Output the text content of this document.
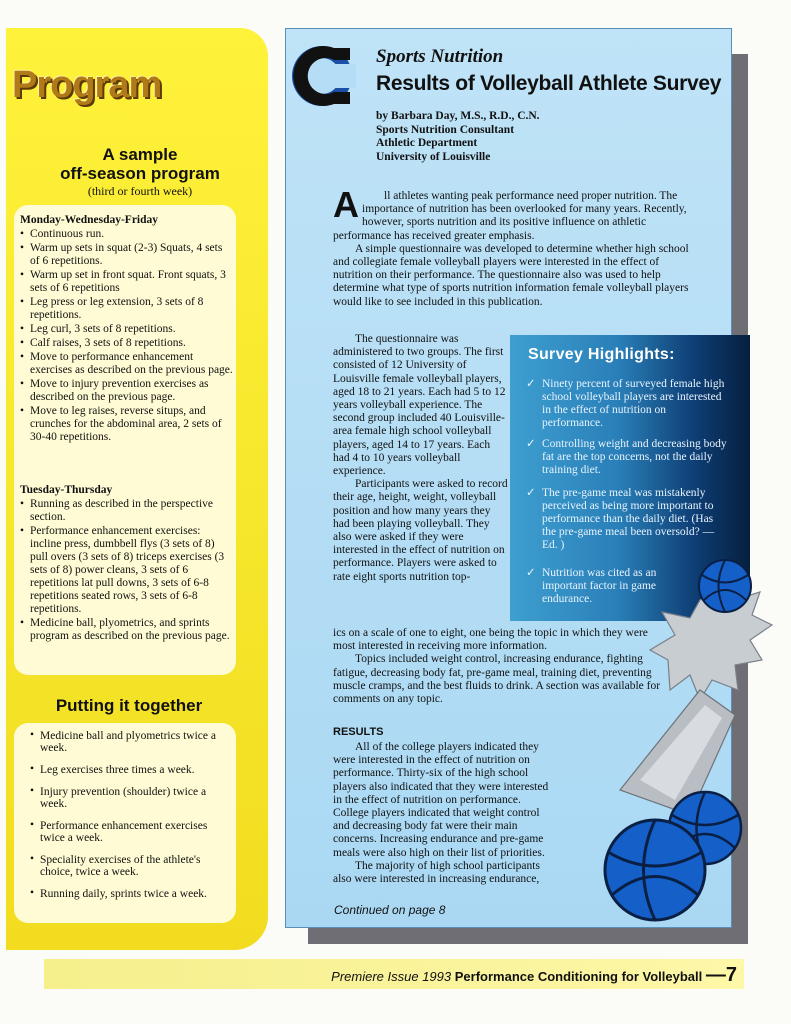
Program
A sample
off-season program
(third or fourth week)
Monday-Wednesday-Friday
• Continuous run.
• Warm up sets in squat (2-3) Squats, 4 sets of 6 repetitions.
• Warm up set in front squat. Front squats, 3 sets of 6 repetitions
• Leg press or leg extension, 3 sets of 8 repetitions.
• Leg curl, 3 sets of 8 repetitions.
• Calf raises, 3 sets of 8 repetitions.
• Move to performance enhancement exercises as described on the previous page.
• Move to injury prevention exercises as described on the previous page.
• Move to leg raises, reverse situps, and crunches for the abdominal area, 2 sets of 30-40 repetitions.
Tuesday-Thursday
• Running as described in the perspective section.
• Performance enhancement exercises: incline press, dumbbell flys (3 sets of 8) pull overs (3 sets of 8) triceps exercises (3 sets of 8) power cleans, 3 sets of 6 repetitions lat pull downs, 3 sets of 6-8 repetitions seated rows, 3 sets of 6-8 repetitions.
• Medicine ball, plyometrics, and sprints program as described on the previous page.
Putting it together
• Medicine ball and plyometrics twice a week.
• Leg exercises three times a week.
• Injury prevention (shoulder) twice a week.
• Performance enhancement exercises twice a week.
• Speciality exercises of the athlete's choice, twice a week.
• Running daily, sprints twice a week.
Sports Nutrition
Results of Volleyball Athlete Survey
by Barbara Day, M.S., R.D., C.N.
Sports Nutrition Consultant
Athletic Department
University of Louisville

A ll athletes wanting peak performance need proper nutrition. The importance of nutrition has been overlooked for many years. Recently, however, sports nutrition and its positive influence on athletic performance has received greater emphasis.

A simple questionnaire was developed to determine whether high school and collegiate female volleyball players were interested in the effect of nutrition on their performance. The questionnaire also was used to help determine what type of sports nutrition information female volleyball players would like to see included in this publication.

The questionnaire was administered to two groups. The first consisted of 12 University of Louisville female volleyball players, aged 18 to 21 years. Each had 5 to 12 years volleyball experience. The second group included 40 Louisville-area female high school volleyball players, aged 14 to 17 years. Each had 4 to 10 years volleyball experience.

Participants were asked to record their age, height, weight, volleyball position and how many years they had been playing volleyball. They also were asked if they were interested in the effect of nutrition on performance. Players were asked to rate eight sports nutrition top-

ics on a scale of one to eight, one being the topic in which they were most interested in receiving more information.

Topics included weight control, increasing endurance, fighting fatigue, decreasing body fat, pre-game meal, training diet, preventing muscle cramps, and the best fluids to drink. A section was available for comments on any topic.

RESULTS

All of the college players indicated they were interested in the effect of nutrition on performance. Thirty-six of the high school players also indicated that they were interested in the effect of nutrition on performance. College players indicated that weight control and decreasing body fat were their main concerns. Increasing endurance and pre-game meals were also high on their list of priorities.

The majority of high school participants also were interested in increasing endurance,

Continued on page 8
Survey Highlights:
✓ Ninety percent of surveyed female high school volleyball players are interested in the effect of nutrition on performance.
✓ Controlling weight and decreasing body fat are the top concerns, not the daily training diet.
✓ The pre-game meal was mistakenly perceived as being more important to performance than the daily diet. (Has the pre-game meal been oversold? —Ed. )
✓ Nutrition was cited as an important factor in game endurance.
Premiere Issue 1993 Performance Conditioning for Volleyball —7
